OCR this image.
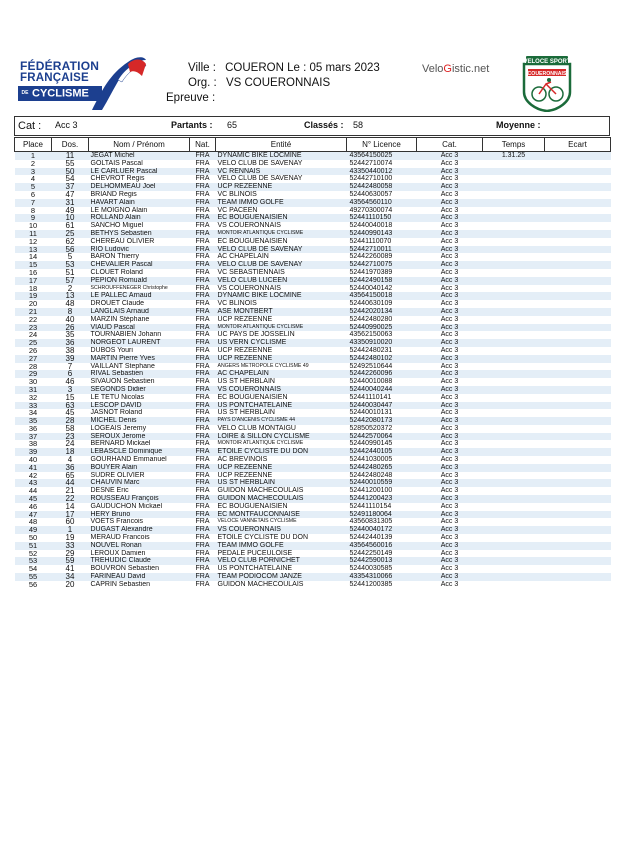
FÉDÉRATION
FRANÇAISE
DE CYCLISME
Ville : COUERON Le : 05 mars 2023
Org. : VS COUERONNAIS
Epreuve :
VeloGistic.net
VELOCE SPORT
COUERONNAIS
Cat : Acc 3	Partants : 65	Classés : 58	Moyenne :
Place	Dos.	Nom / Prénom	Nat.	Entité	N° Licence	Cat.	Temps	Ecart
1	11	JEGAT Michel	FRA	DYNAMIC BIKE LOCMINE	43564150025	Acc 3	1.31.25	
2	55	GOLTAIS Pascal	FRA	VELO CLUB DE SAVENAY	52442710074	Acc 3		
3	50	LE CARLUER Pascal	FRA	VC RENNAIS	43350440012	Acc 3		
4	54	CHEVROT Regis	FRA	VELO CLUB DE SAVENAY	52442710100	Acc 3		
5	37	DELHOMMEAU Joel	FRA	UCP REZEENNE	52442480058	Acc 3		
6	47	BRIAND Regis	FRA	VC BLINOIS	52440630057	Acc 3		
7	31	HAVART Alain	FRA	TEAM IMMO GOLFE	43564560110	Acc 3		
8	49	LE MOIGNO Alain	FRA	VC PACEEN	49270300074	Acc 3		
9	10	ROLLAND Alain	FRA	EC BOUGUENAISIEN	52441110150	Acc 3		
10	61	SANCHO Miguel	FRA	VS COUERONNAIS	52440040018	Acc 3		
11	25	BETHYS Sebastien	FRA	MONTOIR ATLANTIQUE CYCLISME	52440990143	Acc 3		
12	62	CHEREAU OLIVIER	FRA	EC BOUGUENAISIEN	52441110070	Acc 3		
13	56	RIO Ludovic	FRA	VELO CLUB DE SAVENAY	52442710011	Acc 3		
14	5	BARON Thierry	FRA	AC CHAPELAIN	52442260089	Acc 3		
15	53	CHEVALIER Pascal	FRA	VELO CLUB DE SAVENAY	52442710075	Acc 3		
16	51	CLOUET Roland	FRA	VC SEBASTIENNAIS	52441970389	Acc 3		
17	57	PEPION Romuald	FRA	VELO CLUB LUCEEN	52442490158	Acc 3		
18	2	SCHROUFFENEGER Christophe	FRA	VS COUERONNAIS	52440040142	Acc 3		
19	13	LE PALLEC Arnaud	FRA	DYNAMIC BIKE LOCMINE	43564150018	Acc 3		
20	48	DROUET Claude	FRA	VC BLINOIS	52440630109	Acc 3		
21	8	LANGLAIS Arnaud	FRA	ASE MONTBERT	52442020134	Acc 3		
22	40	MARZIN Stéphane	FRA	UCP REZEENNE	52442480280	Acc 3		
23	26	VIAUD Pascal	FRA	MONTOIR ATLANTIQUE CYCLISME	52440990025	Acc 3		
24	35	TOURNABIEN Johann	FRA	UC PAYS DE JOSSELIN	43562150063	Acc 3		
25	36	NORGEOT LAURENT	FRA	US VERN CYCLISME	43350910020	Acc 3		
26	38	DUBOS Youri	FRA	UCP REZEENNE	52442480231	Acc 3		
27	39	MARTIN Pierre Yves	FRA	UCP REZEENNE	52442480102	Acc 3		
28	7	VAILLANT Stephane	FRA	ANGERS METROPOLE CYCLISME 49	52492510644	Acc 3		
29	6	RIVAL Sebastien	FRA	AC CHAPELAIN	52442260096	Acc 3		
30	46	SIVAUON Sebastien	FRA	US ST HERBLAIN	52440010088	Acc 3		
31	3	SEGONDS Didier	FRA	VS COUERONNAIS	52440040244	Acc 3		
32	15	LE TETU Nicolas	FRA	EC BOUGUENAISIEN	52441110141	Acc 3		
33	63	LESCOP DAVID	FRA	US PONTCHATELAINE	52440030447	Acc 3		
34	45	JASNOT Roland	FRA	US ST HERBLAIN	52440010131	Acc 3		
35	28	MICHEL Denis	FRA	PAYS D'ANCENIS CYCLISME 44	52442080173	Acc 3		
36	58	LOGEAIS Jeremy	FRA	VELO CLUB MONTAIGU	52850520372	Acc 3		
37	23	SEROUX Jerome	FRA	LOIRE & SILLON CYCLISME	52442570064	Acc 3		
38	24	BERNARD Mickael	FRA	MONTOIR ATLANTIQUE CYCLISME	52440990145	Acc 3		
39	18	LEBASCLE Dominique	FRA	ETOILE CYCLISTE DU DON	52442440105	Acc 3		
40	4	GOURHAND Emmanuel	FRA	AC BREVINOIS	52441030005	Acc 3		
41	36	BOUYER Alain	FRA	UCP REZEENNE	52442480265	Acc 3		
42	65	SUDRE OLIVIER	FRA	UCP REZEENNE	52442480248	Acc 3		
43	44	CHAUVIN Marc	FRA	US ST HERBLAIN	52440010559	Acc 3		
44	21	DESNE Eric	FRA	GUIDON MACHECOULAIS	52441200100	Acc 3		
45	22	ROUSSEAU François	FRA	GUIDON MACHECOULAIS	52441200423	Acc 3		
46	14	GAUDUCHON Mickael	FRA	EC BOUGUENAISIEN	52441110154	Acc 3		
47	17	HERY Bruno	FRA	EC MONTFAUCONNAISE	52491180064	Acc 3		
48	60	VOETS Francois	FRA	VELOCE VANNETAIS CYCLISME	43560831305	Acc 3		
49	1	DUGAST Alexandre	FRA	VS COUERONNAIS	52440040172	Acc 3		
50	19	MERAUD Francois	FRA	ETOILE CYCLISTE DU DON	52442440139	Acc 3		
51	33	NOUVEL Ronan	FRA	TEAM IMMO GOLFE	43564560016	Acc 3		
52	29	LEROUX Damien	FRA	PEDALE PUCEULOISE	52442250149	Acc 3		
53	59	TREHUDIC Claude	FRA	VELO CLUB PORNICHET	52442590013	Acc 3		
54	41	BOUVRON Sebastien	FRA	US PONTCHATELAINE	52440030585	Acc 3		
55	34	FARINEAU David	FRA	TEAM PODIOCOM JANZE	43354310066	Acc 3		
56	20	CAPRIN Sebastien	FRA	GUIDON MACHECOULAIS	52441200385	Acc 3		
